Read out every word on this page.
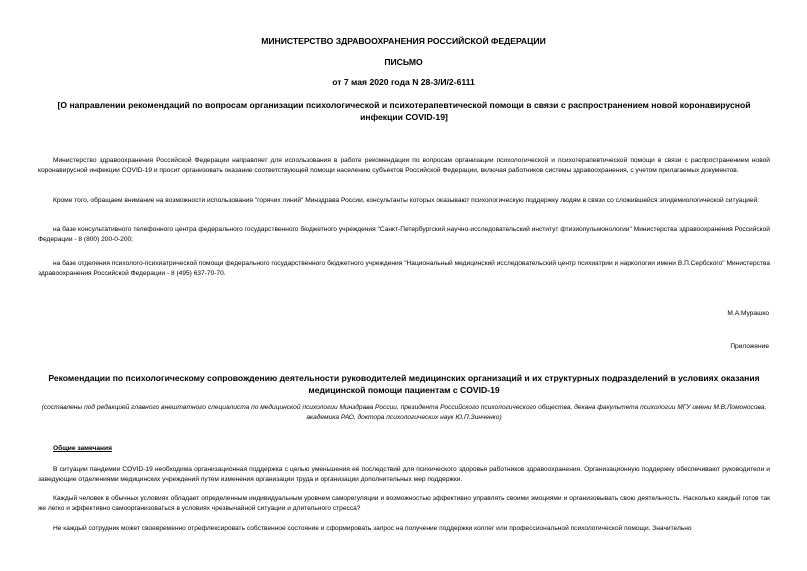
МИНИСТЕРСТВО ЗДРАВООХРАНЕНИЯ РОССИЙСКОЙ ФЕДЕРАЦИИ
ПИСЬМО
от 7 мая 2020 года N 28-3/И/2-6111
[О направлении рекомендаций по вопросам организации психологической и психотерапевтической помощи в связи с распространением новой коронавирусной инфекции COVID-19]
Министерство здравоохранения Российской Федерации направляет для использования в работе рекомендации по вопросам организации психологической и психотерапевтической помощи в связи с распространением новой коронавирусной инфекции COVID-19 и просит организовать оказание соответствующей помощи населению субъектов Российской Федерации, включая работников системы здравоохранения, с учетом прилагаемых документов.
Кроме того, обращаем внимание на возможности использования "горячих линий" Минздрава России, консультанты которых оказывают психологическую поддержку людям в связи со сложившейся эпидемиологической ситуацией:
на базе консультативного телефонного центра федерального государственного бюджетного учреждения "Санкт-Петербургский научно-исследовательский институт фтизиопульмонологии" Министерства здравоохранения Российской Федерации - 8 (800) 200-0-200;
на базе отделения психолого-психиатрической помощи федерального государственного бюджетного учреждения "Национальный медицинский исследовательский центр психиатрии и наркологии имени В.П.Сербского" Министерства здравоохранения Российской Федерации - 8 (495) 637-70-70.
М.А.Мурашко
Приложение
Рекомендации по психологическому сопровождению деятельности руководителей медицинских организаций и их структурных подразделений в условиях оказания медицинской помощи пациентам с COVID-19
(составлены под редакцией главного внештатного специалиста по медицинской психологии Минздрава России, президента Российского психологического общества, декана факультета психологии МГУ имени М.В.Ломоносова, академика РАО, доктора психологических наук Ю.П.Зинченко)
Общие замечания
В ситуации пандемии COVID-19 необходима организационная поддержка с целью уменьшения её последствий для психического здоровья работников здравоохранения. Организационную поддержку обеспечивают руководители и заведующие отделениями медицинских учреждений путем изменения организации труда и организации дополнительных мер поддержки.
Каждый человек в обычных условиях обладает определенным индивидуальным уровнем саморегуляции и возможностью эффективно управлять своими эмоциями и организовывать свою деятельность. Насколько каждый готов так же легко и эффективно самоорганизоваться в условиях чрезвычайной ситуации и длительного стресса?
Не каждый сотрудник может своевременно отрефлексировать собственное состояние и сформировать запрос на получение поддержки коллег или профессиональной психологической помощи. Значительно
